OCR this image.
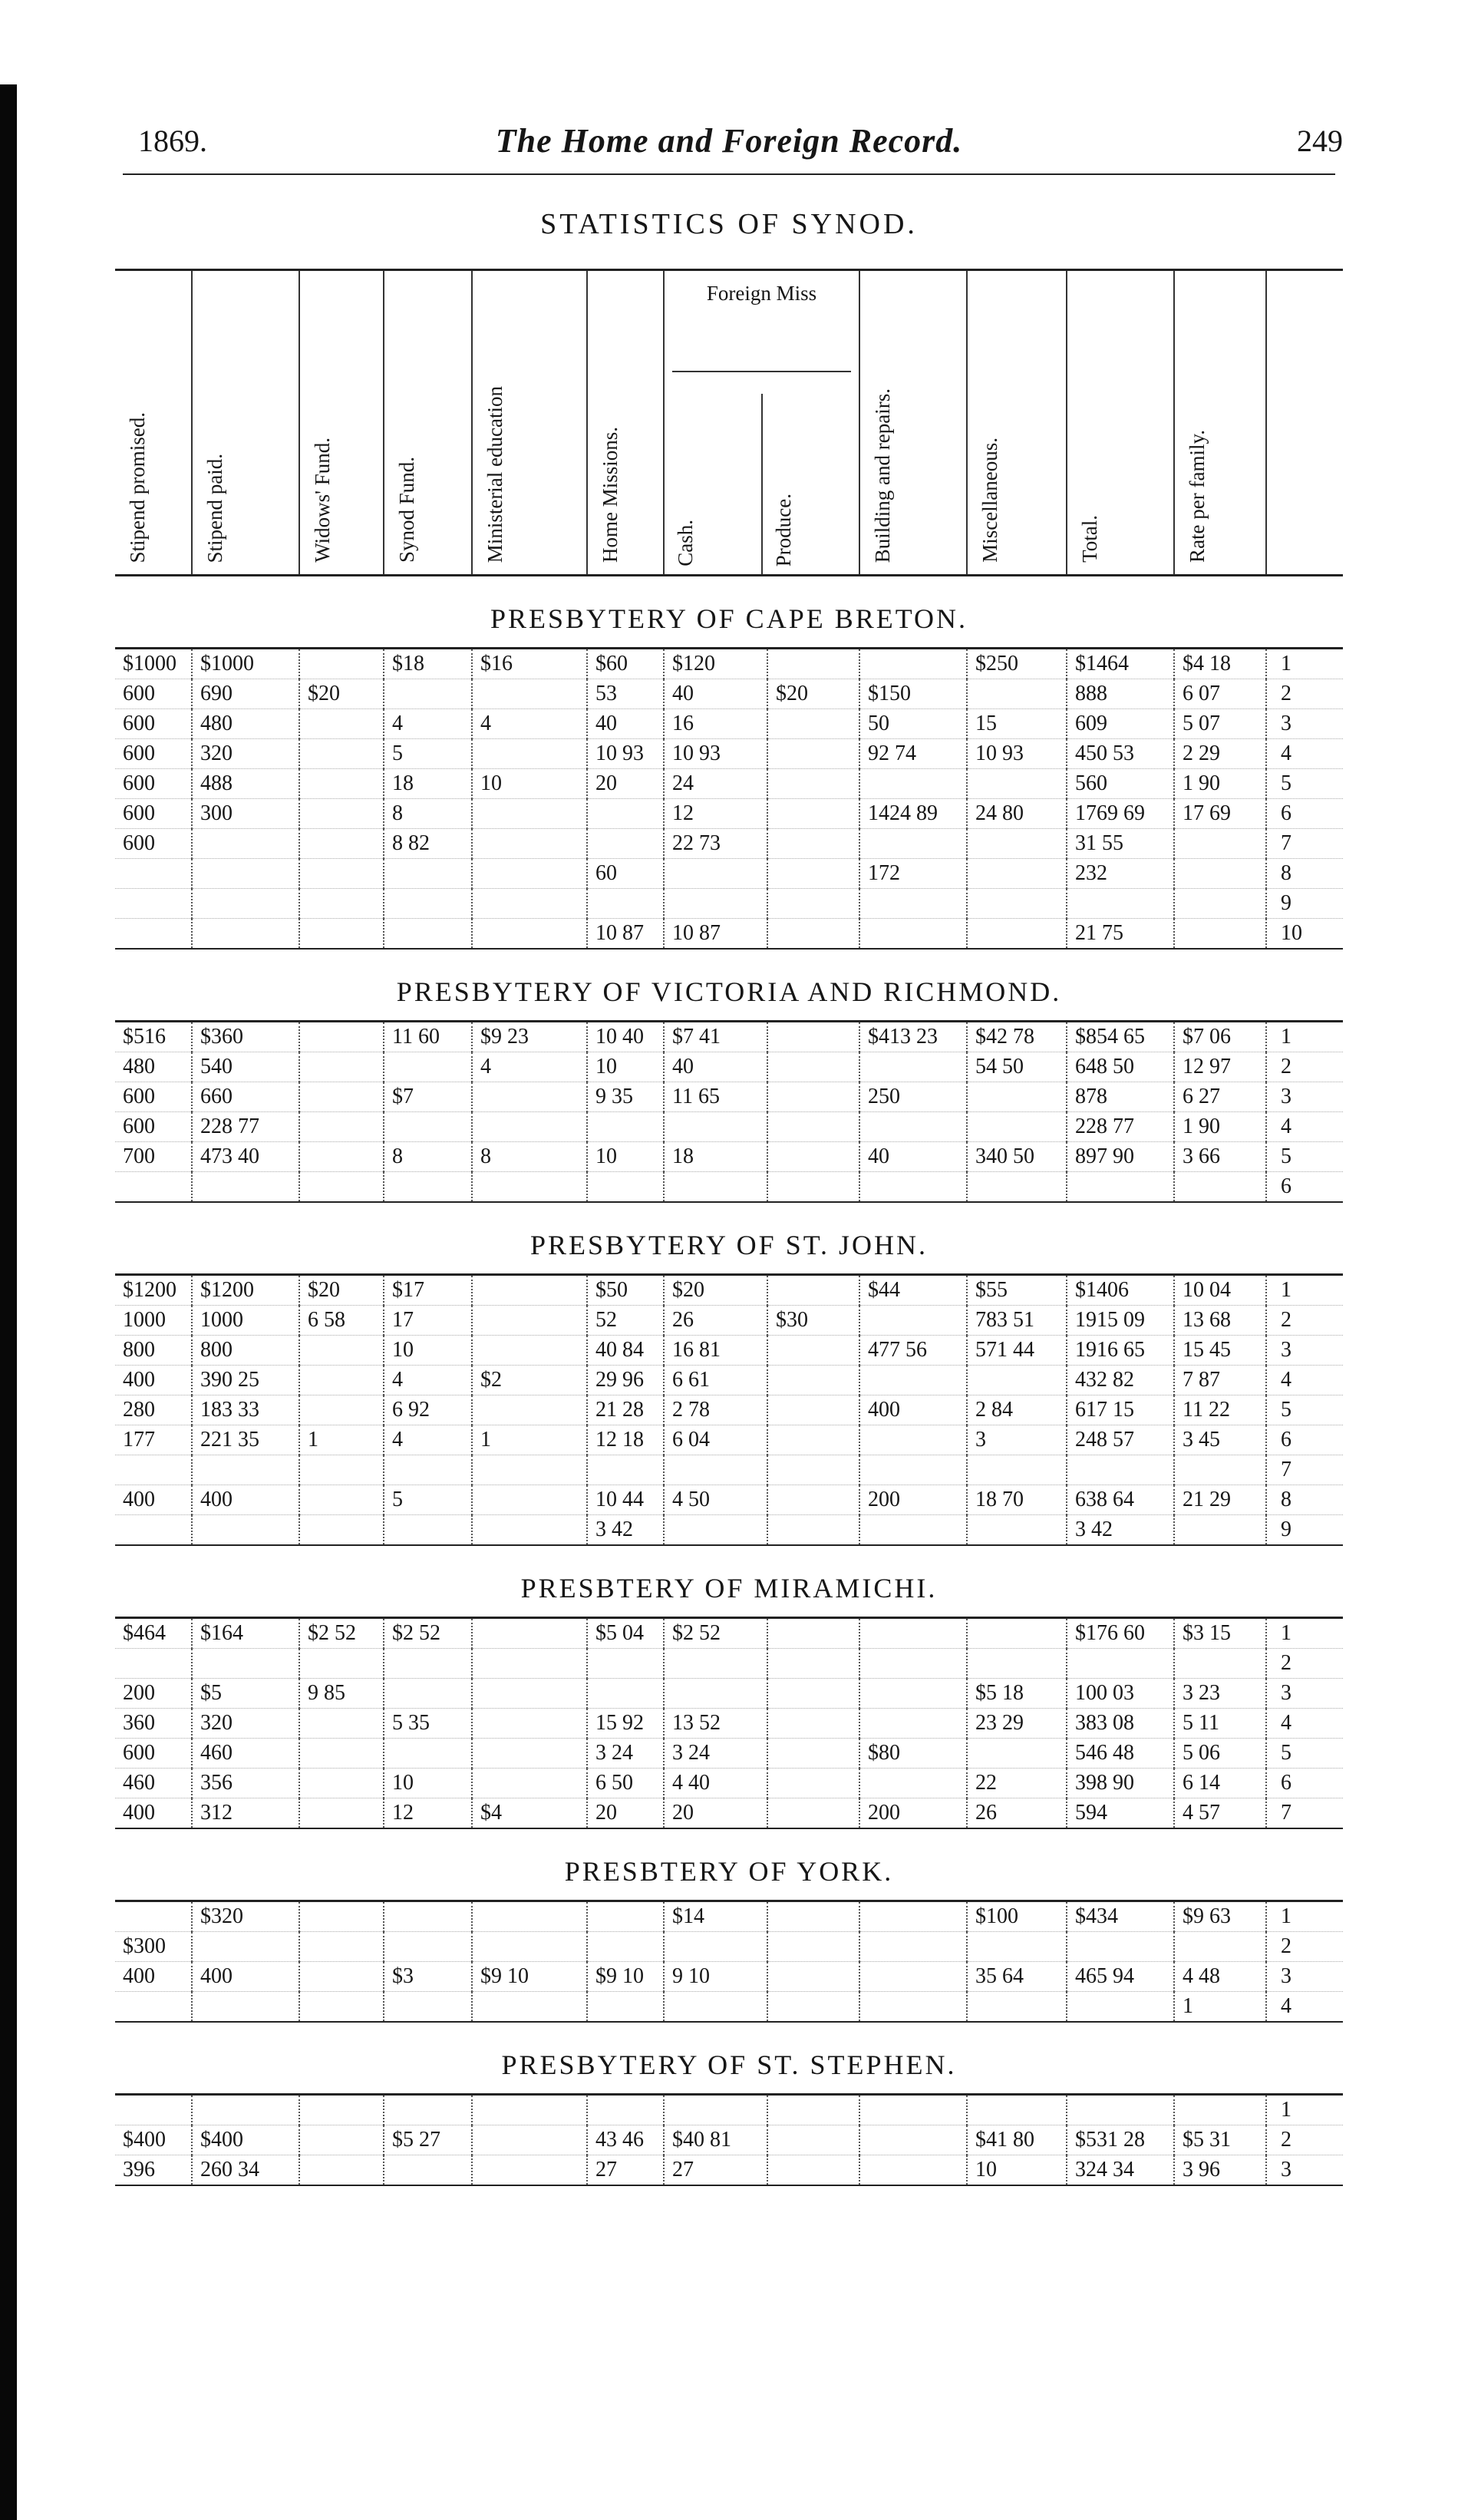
1869.	The Home and Foreign Record.	249
STATISTICS OF SYNOD.
Stipend promised.	Stipend paid.	Widows' Fund.	Synod Fund.	Ministerial education	Home Missions.	
Foreign Miss
Cash.	Produce.	Building and repairs.	Miscellaneous.	Total.	Rate per family.	
PRESBYTERY OF CAPE BRETON.
$1000	$1000		$18	$16	$60	$120			$250	$1464	$4 18	1
600	690	$20			53	40	$20	$150		888	6 07	2
600	480		4	4	40	16		50	15	609	5 07	3
600	320		5		10 93	10 93		92 74	10 93	450 53	2 29	4
600	488		18	10	20	24				560	1 90	5
600	300		8			12		1424 89	24 80	1769 69	17 69	6
600			8 82			22 73				31 55		7
					60			172		232		8
												9
					10 87	10 87				21 75		10
PRESBYTERY OF VICTORIA AND RICHMOND.
$516	$360		11 60	$9 23	10 40	$7 41		$413 23	$42 78	$854 65	$7 06	1
480	540			4	10	40			54 50	648 50	12 97	2
600	660		$7		9 35	11 65		250		878	6 27	3
600	228 77									228 77	1 90	4
700	473 40		8	8	10	18		40	340 50	897 90	3 66	5
												6
PRESBYTERY OF ST. JOHN.
$1200	$1200	$20	$17		$50	$20		$44	$55	$1406	10 04	1
1000	1000	6 58	17		52	26	$30		783 51	1915 09	13 68	2
800	800		10		40 84	16 81		477 56	571 44	1916 65	15 45	3
400	390 25		4	$2	29 96	6 61				432 82	7 87	4
280	183 33		6 92		21 28	2 78		400	2 84	617 15	11 22	5
177	221 35	1	4	1	12 18	6 04			3	248 57	3 45	6
												7
400	400		5		10 44	4 50		200	18 70	638 64	21 29	8
					3 42					3 42		9
PRESBTERY OF MIRAMICHI.
$464	$164	$2 52	$2 52		$5 04	$2 52				$176 60	$3 15	1
												2
200	$5	9 85							$5 18	100 03	3 23	3
360	320		5 35		15 92	13 52			23 29	383 08	5 11	4
600	460				3 24	3 24		$80		546 48	5 06	5
460	356		10		6 50	4 40			22	398 90	6 14	6
400	312		12	$4	20	20		200	26	594	4 57	7
PRESBTERY OF YORK.
	$320					$14			$100	$434	$9 63	1
$300												2
400	400		$3	$9 10	$9 10	9 10			35 64	465 94	4 48	3
											1	4
PRESBYTERY OF ST. STEPHEN.
												1
$400	$400		$5 27		43 46	$40 81			$41 80	$531 28	$5 31	2
396	260 34				27	27			10	324 34	3 96	3
